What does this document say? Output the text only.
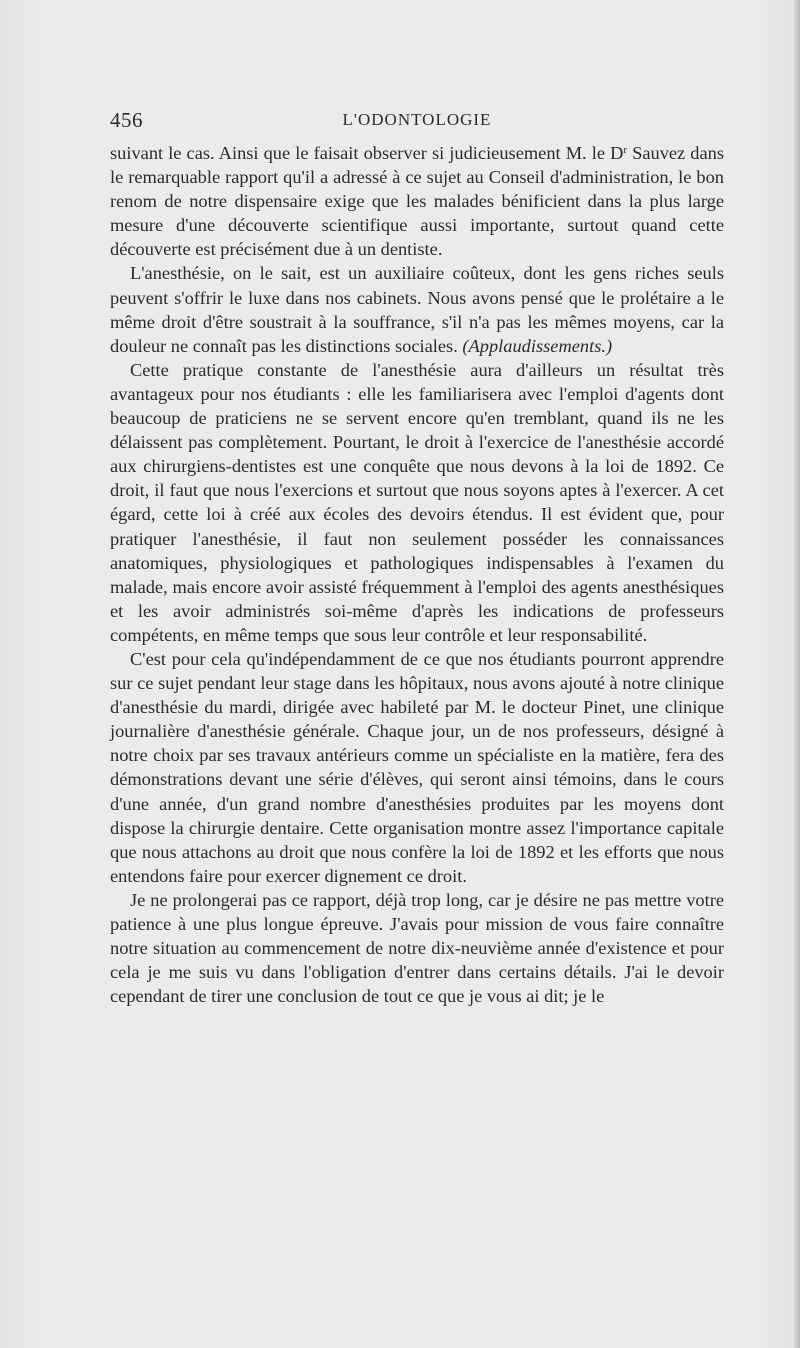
456	L'ODONTOLOGIE

suivant le cas. Ainsi que le faisait observer si judicieusement M. le $D^r$ Sauvez dans le remarquable rapport qu'il a adressé à ce sujet au Conseil d'administration, le bon renom de notre dispensaire exige que les malades bénificient dans la plus large mesure d'une découverte scientifique aussi importante, surtout quand cette découverte est précisément due à un dentiste.

L'anesthésie, on le sait, est un auxiliaire coûteux, dont les gens riches seuls peuvent s'offrir le luxe dans nos cabinets. Nous avons pensé que le prolétaire a le même droit d'être soustrait à la souffrance, s'il n'a pas les mêmes moyens, car la douleur ne connaît pas les distinctions sociales. (Applaudissements.)

Cette pratique constante de l'anesthésie aura d'ailleurs un résultat très avantageux pour nos étudiants : elle les familiarisera avec l'emploi d'agents dont beaucoup de praticiens ne se servent encore qu'en tremblant, quand ils ne les délaissent pas complètement. Pourtant, le droit à l'exercice de l'anesthésie accordé aux chirurgiens-dentistes est une conquête que nous devons à la loi de 1892. Ce droit, il faut que nous l'exercions et surtout que nous soyons aptes à l'exercer. A cet égard, cette loi à créé aux écoles des devoirs étendus. Il est évident que, pour pratiquer l'anesthésie, il faut non seulement posséder les connaissances anatomiques, physiologiques et pathologiques indispensables à l'examen du malade, mais encore avoir assisté fréquemment à l'emploi des agents anesthésiques et les avoir administrés soi-même d'après les indications de professeurs compétents, en même temps que sous leur contrôle et leur responsabilité.

C'est pour cela qu'indépendamment de ce que nos étudiants pourront apprendre sur ce sujet pendant leur stage dans les hôpitaux, nous avons ajouté à notre clinique d'anesthésie du mardi, dirigée avec habileté par M. le docteur Pinet, une clinique journalière d'anesthésie générale. Chaque jour, un de nos professeurs, désigné à notre choix par ses travaux antérieurs comme un spécialiste en la matière, fera des démonstrations devant une série d'élèves, qui seront ainsi témoins, dans le cours d'une année, d'un grand nombre d'anesthésies produites par les moyens dont dispose la chirurgie dentaire. Cette organisation montre assez l'importance capitale que nous attachons au droit que nous confère la loi de 1892 et les efforts que nous entendons faire pour exercer dignement ce droit.

Je ne prolongerai pas ce rapport, déjà trop long, car je désire ne pas mettre votre patience à une plus longue épreuve. J'avais pour mission de vous faire connaître notre situation au commencement de notre dix-neuvième année d'existence et pour cela je me suis vu dans l'obligation d'entrer dans certains détails. J'ai le devoir cependant de tirer une conclusion de tout ce que je vous ai dit; je le
